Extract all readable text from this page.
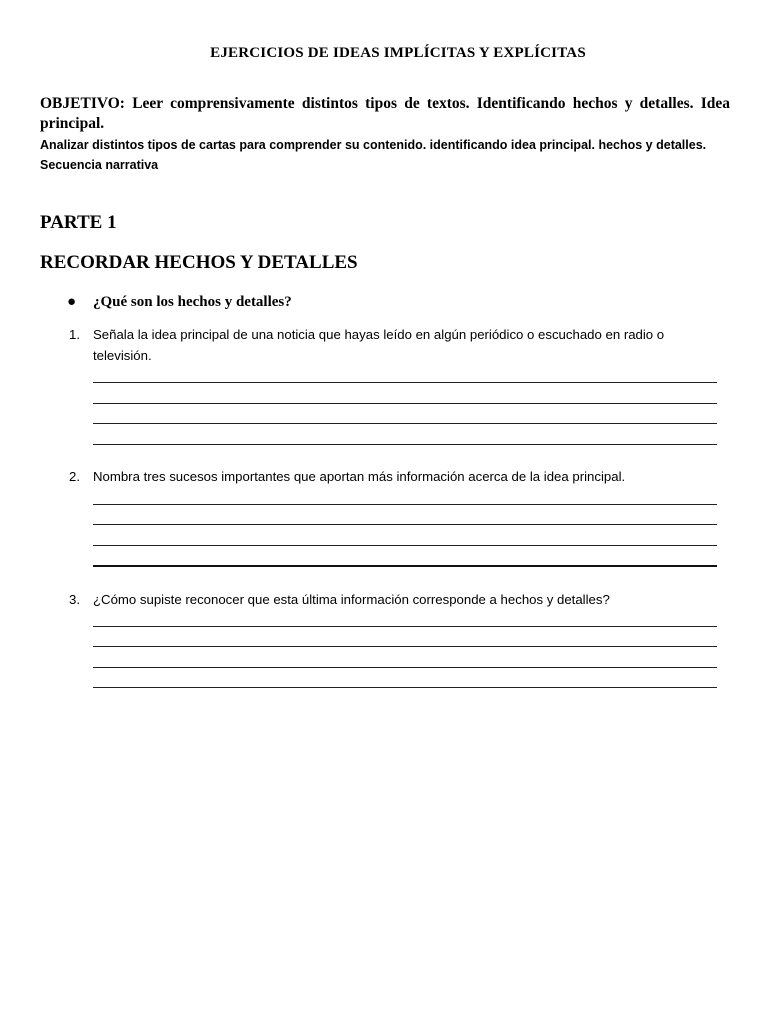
EJERCICIOS DE IDEAS IMPLÍCITAS Y EXPLÍCITAS
OBJETIVO: Leer comprensivamente distintos tipos de textos. Identificando hechos y detalles. Idea principal.
Analizar distintos tipos de cartas para comprender su contenido. identificando idea principal. hechos y detalles. Secuencia narrativa
PARTE 1
RECORDAR HECHOS Y DETALLES
● ¿Qué son los hechos y detalles?
1. Señala la idea principal de una noticia que hayas leído en algún periódico o escuchado en radio o televisión.
2. Nombra tres sucesos importantes que aportan más información acerca de la idea principal.
3. ¿Cómo supiste reconocer que esta última información corresponde a hechos y detalles?
